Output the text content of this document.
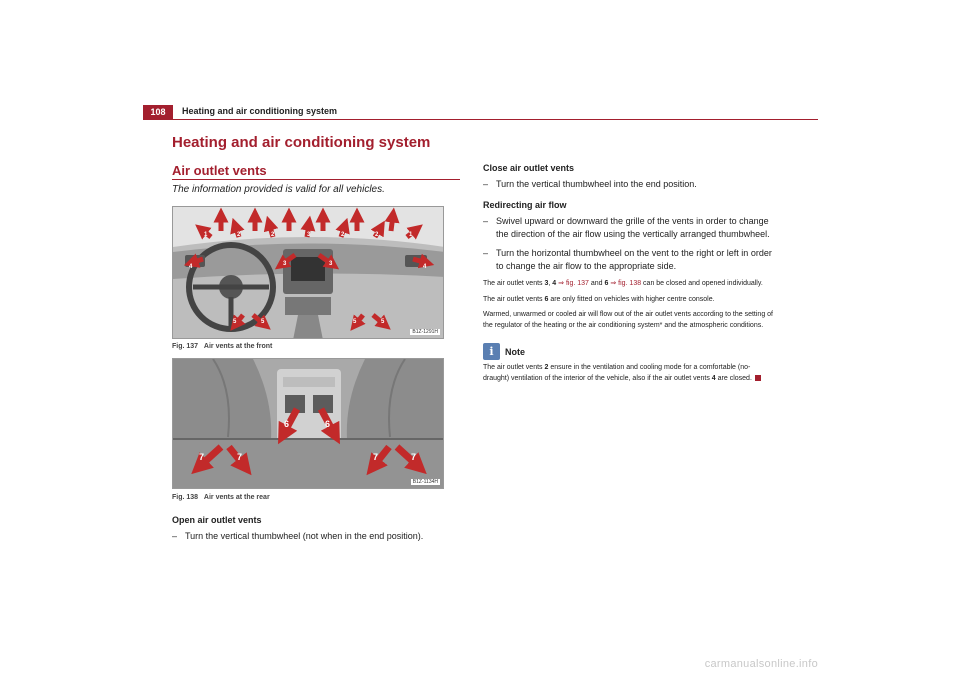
108	Heating and air conditioning system
Heating and air conditioning system
Air outlet vents
The information provided is valid for all vehicles.
1	2	2	3	2	2	1
4	4
3	3
5	5	5	5
B1Z-1291H
Fig. 137 Air vents at the front
6	6
7	7	7	7
B1Z-1134H
Fig. 138 Air vents at the rear
Open air outlet vents
– Turn the vertical thumbwheel (not when in the end position).
Close air outlet vents
– Turn the vertical thumbwheel into the end position.
Redirecting air flow
– Swivel upward or downward the grille of the vents in order to change the direction of the air flow using the vertically arranged thumbwheel.
– Turn the horizontal thumbwheel on the vent to the right or left in order to change the air flow to the appropriate side.

The air outlet vents 3, 4 ⇒ fig. 137 and 6 ⇒ fig. 138 can be closed and opened individually.

The air outlet vents 6 are only fitted on vehicles with higher centre console.

Warmed, unwarmed or cooled air will flow out of the air outlet vents according to the setting of the regulator of the heating or the air conditioning system* and the atmospheric conditions.

i	Note

The air outlet vents 2 ensure in the ventilation and cooling mode for a comfortable (no-draught) ventilation of the interior of the vehicle, also if the air outlet vents 4 are closed.

carmanualsonline.info
